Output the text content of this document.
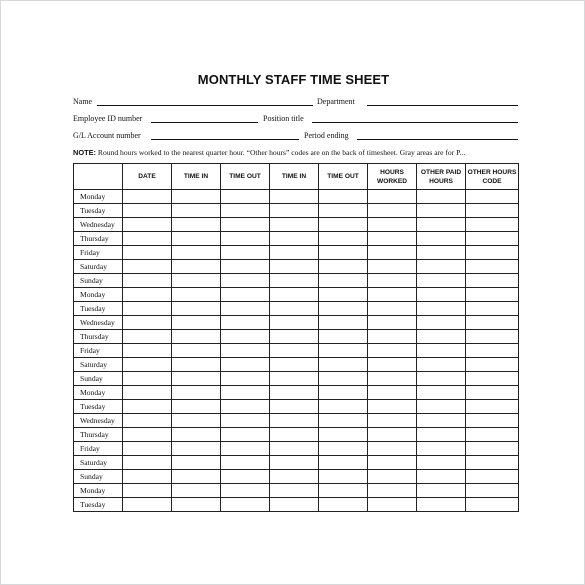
MONTHLY STAFF TIME SHEET
Name	Department
Employee ID number	Position title
G/L Account number	Period ending
NOTE: Round hours worked to the nearest quarter hour. “Other hours” codes are on the back of timesheet. Gray areas are for P...
	DATE	TIME IN	TIME OUT	TIME IN	TIME OUT	HOURS WORKED	OTHER PAID HOURS	OTHER HOURS CODE
Monday								
Tuesday								
Wednesday								
Thursday								
Friday								
Saturday								
Sunday								
Monday								
Tuesday								
Wednesday								
Thursday								
Friday								
Saturday								
Sunday								
Monday								
Tuesday								
Wednesday								
Thursday								
Friday								
Saturday								
Sunday								
Monday								
Tuesday								
